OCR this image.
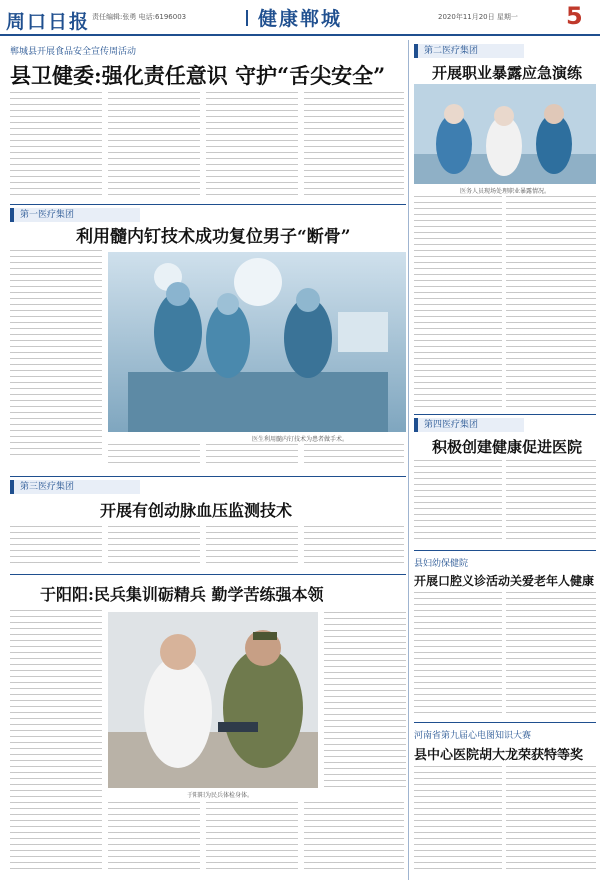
周口日报 责任编辑:张勇 电话:6196003	健康郸城	2020年11月20日 星期一 5
郸城县开展食品安全宣传周活动
县卫健委:强化责任意识 守护“舌尖安全”
第一医疗集团
利用髓内钉技术成功复位男子“断骨”
医生利用髓内钉技术为患者做手术。
第三医疗集团
开展有创动脉血压监测技术
于阳阳:民兵集训砺精兵 勤学苦练强本领
于阳阳为民兵体检身体。
第二医疗集团
开展职业暴露应急演练
医务人员现场处理职业暴露情况。
第四医疗集团
积极创建健康促进医院
县妇幼保健院
开展口腔义诊活动关爱老年人健康
河南省第九届心电图知识大赛
县中心医院胡大龙荣获特等奖
